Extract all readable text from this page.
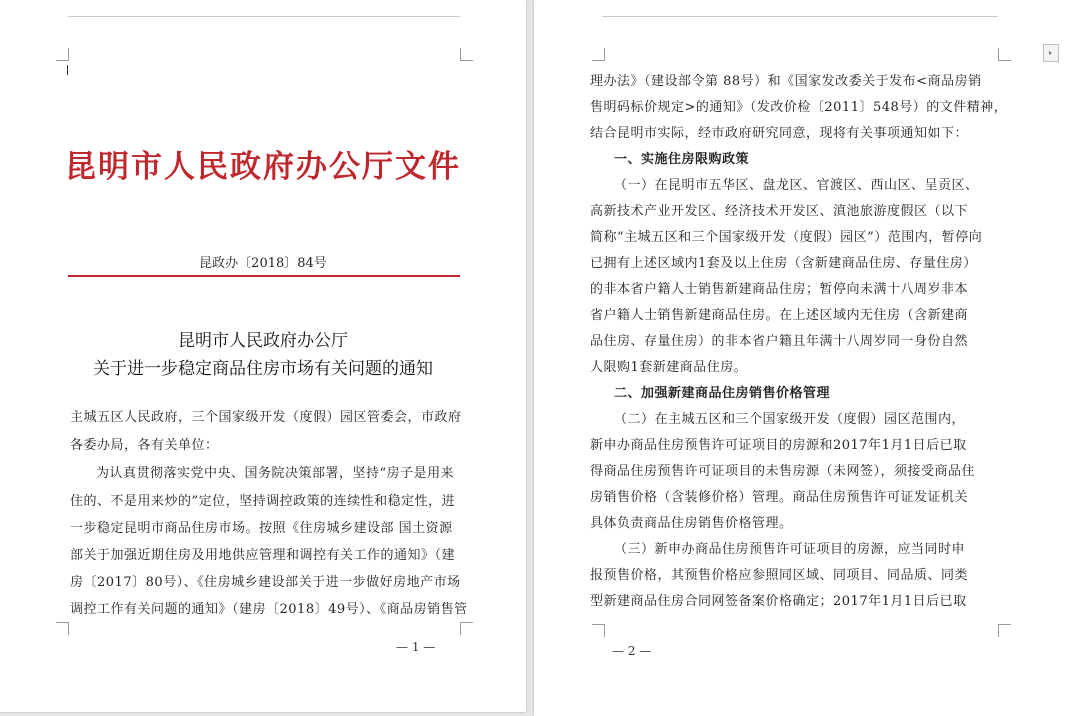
昆明市人民政府办公厅文件
昆政办〔2018〕84号
昆明市人民政府办公厅
关于进一步稳定商品住房市场有关问题的通知
主城五区人民政府，三个国家级开发（度假）园区管委会，市政府
各委办局，各有关单位：
为认真贯彻落实党中央、国务院决策部署，坚持“房子是用来
住的、不是用来炒的”定位，坚持调控政策的连续性和稳定性，进
一步稳定昆明市商品住房市场。按照《住房城乡建设部 国土资源
部关于加强近期住房及用地供应管理和调控有关工作的通知》（建
房〔2017〕80号）、《住房城乡建设部关于进一步做好房地产市场
调控工作有关问题的通知》（建房〔2018〕49号）、《商品房销售管
— 1 —
理办法》（建设部令第 88号）和《国家发改委关于发布<商品房销
售明码标价规定>的通知》（发改价检〔2011〕548号）的文件精神，
结合昆明市实际，经市政府研究同意，现将有关事项通知如下：
一、实施住房限购政策
（一）在昆明市五华区、盘龙区、官渡区、西山区、呈贡区、
高新技术产业开发区、经济技术开发区、滇池旅游度假区（以下
简称“主城五区和三个国家级开发（度假）园区”）范围内，暂停向
已拥有上述区域内1套及以上住房（含新建商品住房、存量住房）
的非本省户籍人士销售新建商品住房；暂停向未满十八周岁非本
省户籍人士销售新建商品住房。在上述区域内无住房（含新建商
品住房、存量住房）的非本省户籍且年满十八周岁同一身份自然
人限购1套新建商品住房。
二、加强新建商品住房销售价格管理
（二）在主城五区和三个国家级开发（度假）园区范围内，
新申办商品住房预售许可证项目的房源和2017年1月1日后已取
得商品住房预售许可证项目的未售房源（未网签），须接受商品住
房销售价格（含装修价格）管理。商品住房预售许可证发证机关
具体负责商品住房销售价格管理。
（三）新申办商品住房预售许可证项目的房源，应当同时申
报预售价格，其预售价格应参照同区域、同项目、同品质、同类
型新建商品住房合同网签备案价格确定；2017年1月1日后已取
— 2 —
